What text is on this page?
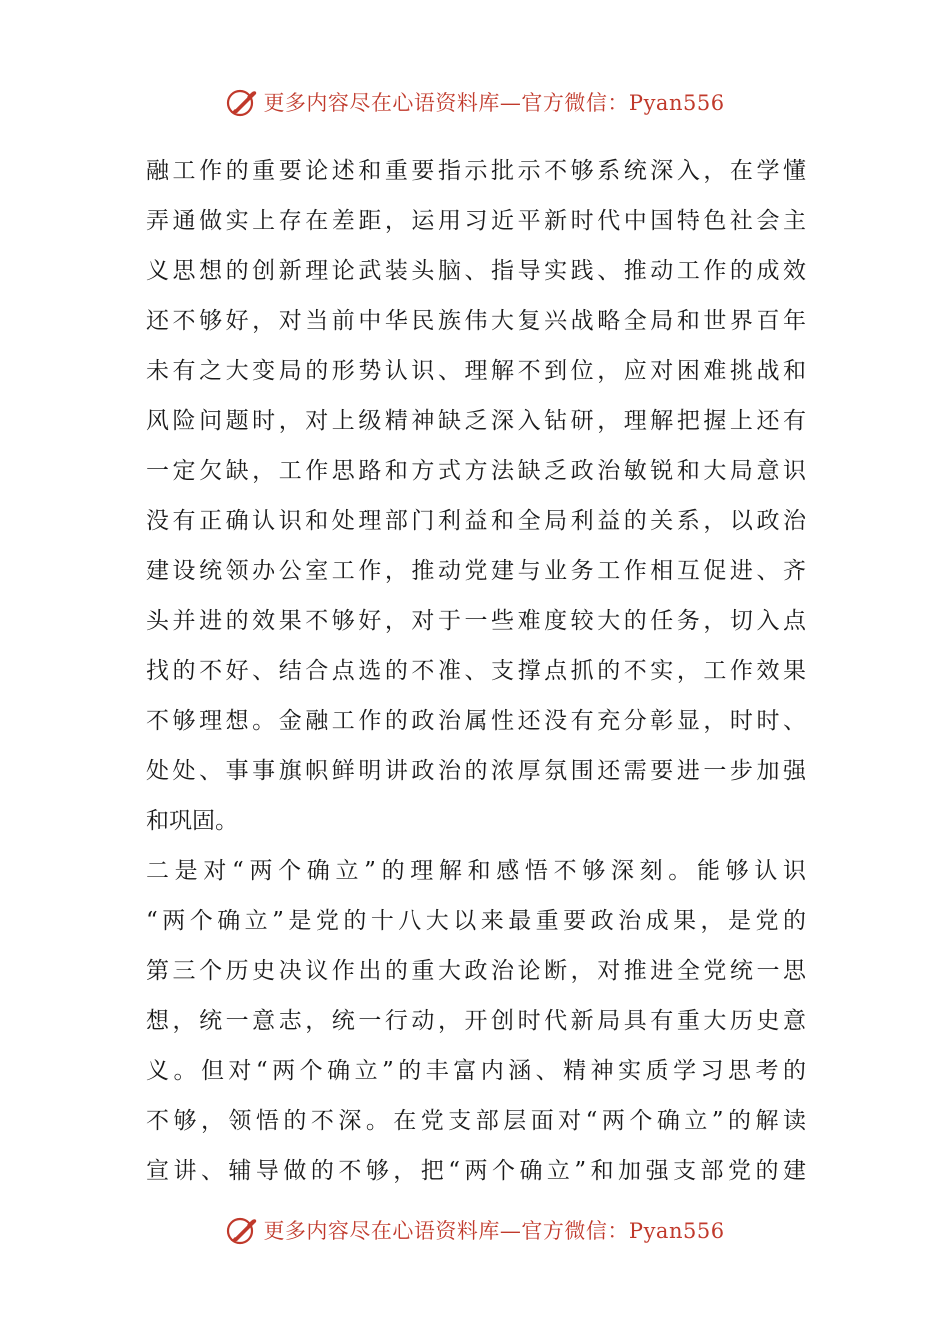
更多内容尽在心语资料库—官方微信：Pyan556
融工作的重要论述和重要指示批示不够系统深入，在学懂
弄通做实上存在差距，运用习近平新时代中国特色社会主
义思想的创新理论武装头脑、指导实践、推动工作的成效
还不够好，对当前中华民族伟大复兴战略全局和世界百年
未有之大变局的形势认识、理解不到位，应对困难挑战和
风险问题时，对上级精神缺乏深入钻研，理解把握上还有
一定欠缺，工作思路和方式方法缺乏政治敏锐和大局意识
没有正确认识和处理部门利益和全局利益的关系，以政治
建设统领办公室工作，推动党建与业务工作相互促进、齐
头并进的效果不够好，对于一些难度较大的任务，切入点
找的不好、结合点选的不准、支撑点抓的不实，工作效果
不够理想。金融工作的政治属性还没有充分彰显，时时、
处处、事事旗帜鲜明讲政治的浓厚氛围还需要进一步加强
和巩固。
二是对“两个确立”的理解和感悟不够深刻。能够认识
“两个确立”是党的十八大以来最重要政治成果，是党的
第三个历史决议作出的重大政治论断，对推进全党统一思
想，统一意志，统一行动，开创时代新局具有重大历史意
义。但对“两个确立”的丰富内涵、精神实质学习思考的
不够，领悟的不深。在党支部层面对“两个确立”的解读
宣讲、辅导做的不够，把“两个确立”和加强支部党的建
更多内容尽在心语资料库—官方微信：Pyan556
